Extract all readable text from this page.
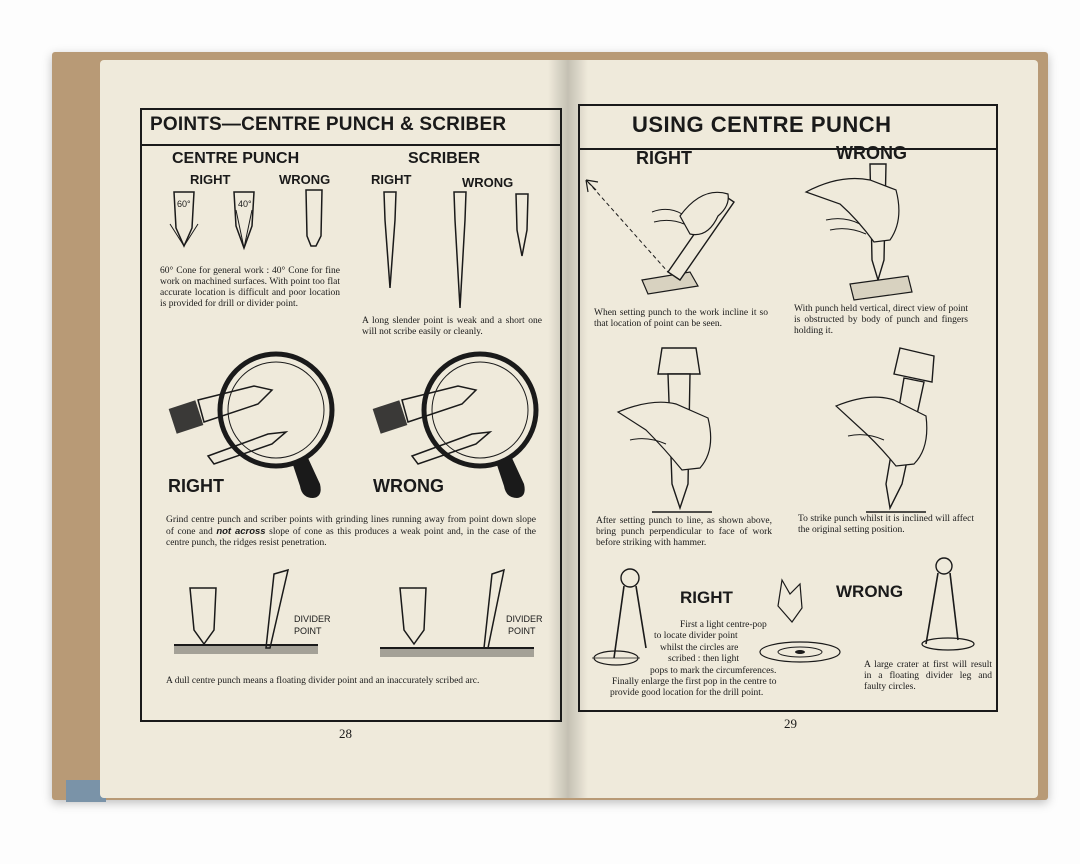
POINTS—CENTRE PUNCH & SCRIBER
CENTRE PUNCH
RIGHT	WRONG
SCRIBER
RIGHT	WRONG
60°	40°
60° Cone for general work : 40° Cone for fine work on machined surfaces. With point too flat accurate location is difficult and poor location is provided for drill or divider point.
A long slender point is weak and a short one will not scribe easily or cleanly.
RIGHT	WRONG
Grind centre punch and scriber points with grinding lines running away from point down slope of cone and not across slope of cone as this produces a weak point and, in the case of the centre punch, the ridges resist penetration.
DIVIDER
POINT
DIVIDER
POINT
A dull centre punch means a floating divider point and an inaccurately scribed arc.
28
USING CENTRE PUNCH
RIGHT	WRONG
When setting punch to the work incline it so that location of point can be seen.
With punch held vertical, direct view of point is obstructed by body of punch and fingers holding it.
After setting punch to line, as shown above, bring punch perpendicular to face of work before striking with hammer.
To strike punch whilst it is inclined will affect the original setting position.
RIGHT	WRONG
First a light centre-pop
to locate divider point
whilst the circles are
scribed : then light
pops to mark the circumferences.
Finally enlarge the first pop in the centre to
provide good location for the drill point.
A large crater at first will result in a floating divider leg and faulty circles.
29
